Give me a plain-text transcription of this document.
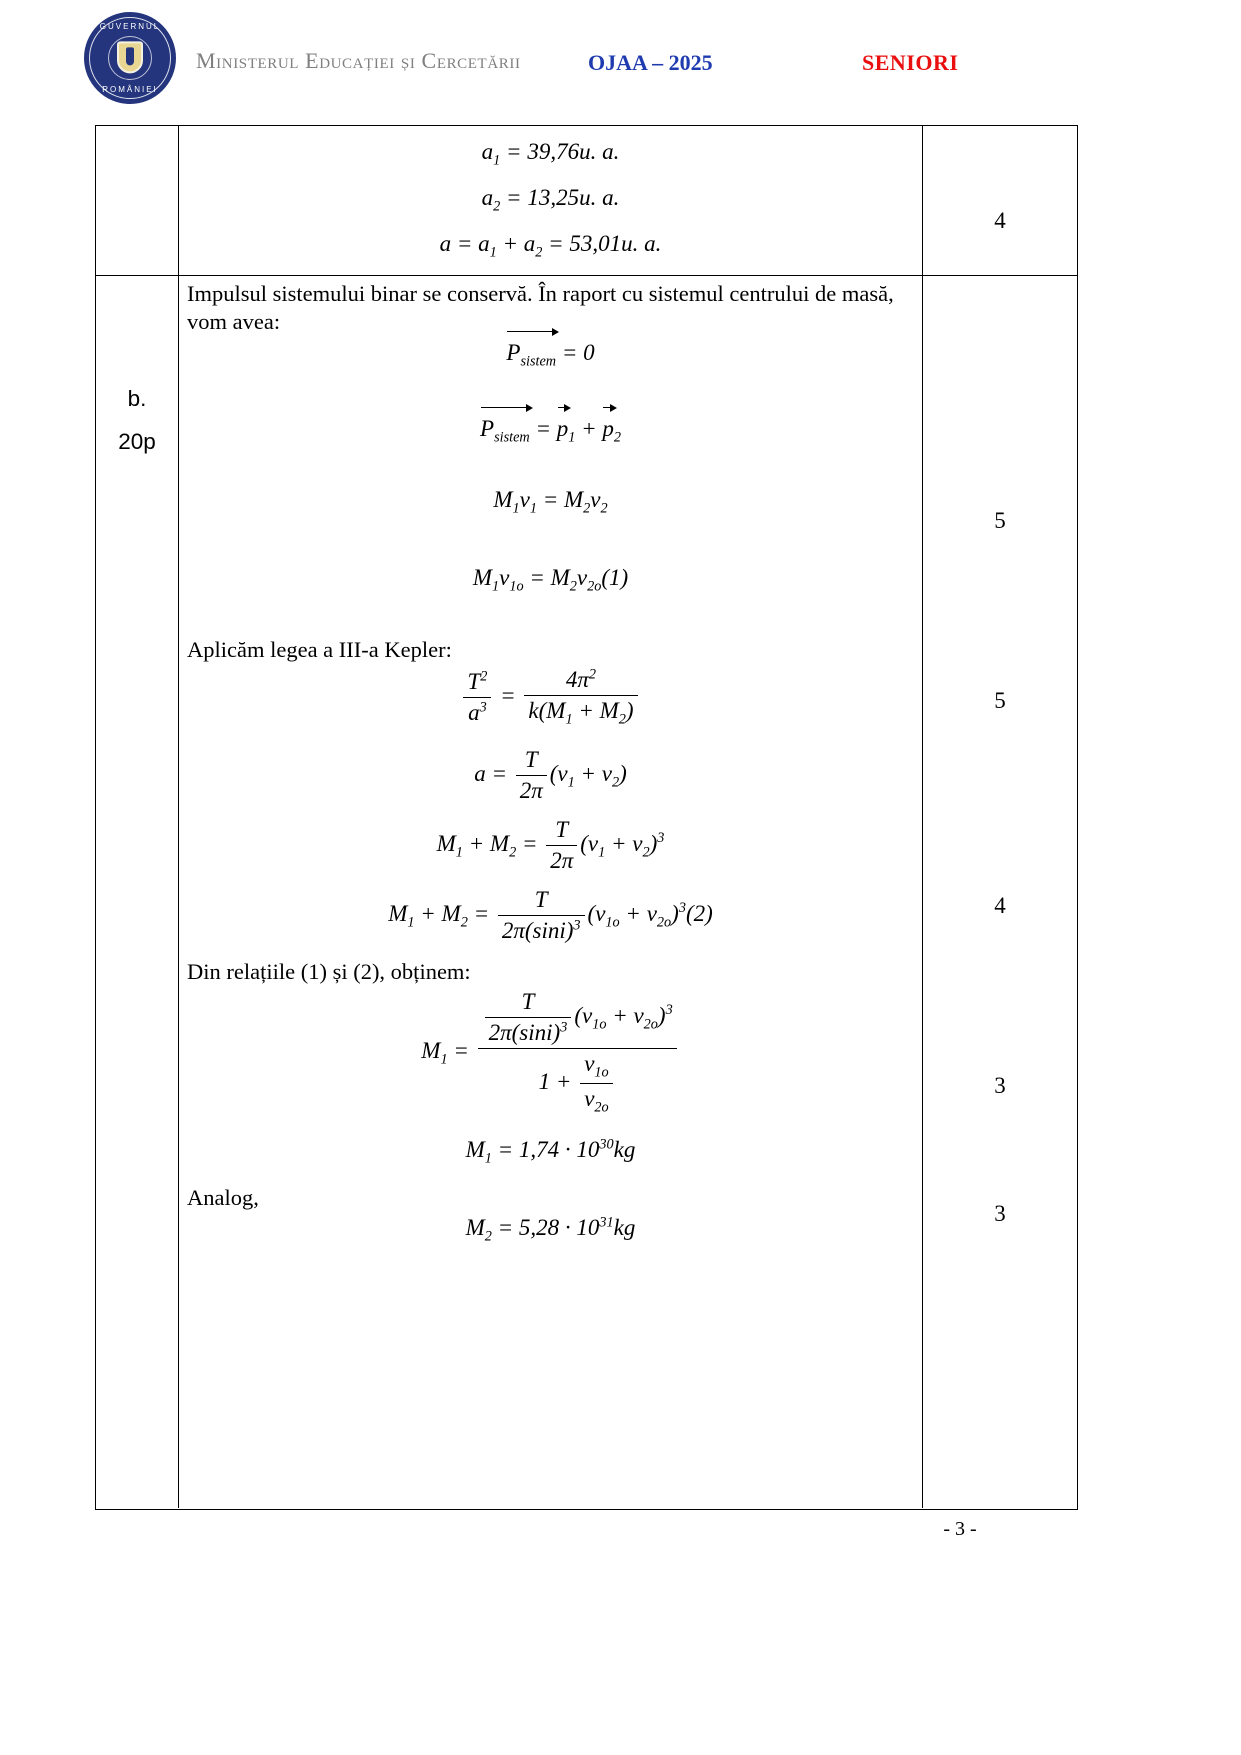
GUVERNUL
ROMÂNIEI
Ministerul Educației și Cercetării	OJAA – 2025	SENIORI
$a_1 = 39,76u$. a.
$a_2 = 13,25u$. a.
$a = a_1 + a_2 = 53,01u$. a.
4
b.
20p
Impulsul sistemului binar se conservă. În raport cu sistemul centrului de masă, vom avea:
$P_{sistem} = 0$
$P_{sistem} = p_1 + p_2$
$M_1v_1 = M_2v_2$
$M_1v_{1o} = M_2v_{2o}(1)$
Aplicăm legea a III-a Kepler:
$\frac{T^2}{a^3} = \frac{4\pi^2}{k(M_1 + M_2)}$
$a = \frac{T}{2\pi} (v_1 + v_2)$
$M_1 + M_2 = \frac{T}{2\pi} (v_1 + v_2)^3$
$M_1 + M_2 = \frac{T}{2\pi(\sin i)^3} (v_{1o} + v_{2o})^3(2)$
Din relațiile (1) și (2), obținem:
$M_1 = \frac{\frac{T}{2\pi(\sin i)^3} (v_{1o} + v_{2o})^3}{1 + \frac{v_{1o}}{v_{2o}}}$
$M_1 = 1,74 \cdot 10^{30}kg$
Analog,
$M_2 = 5,28 \cdot 10^{31}kg$
5
5
4
3
3
- 3 -
